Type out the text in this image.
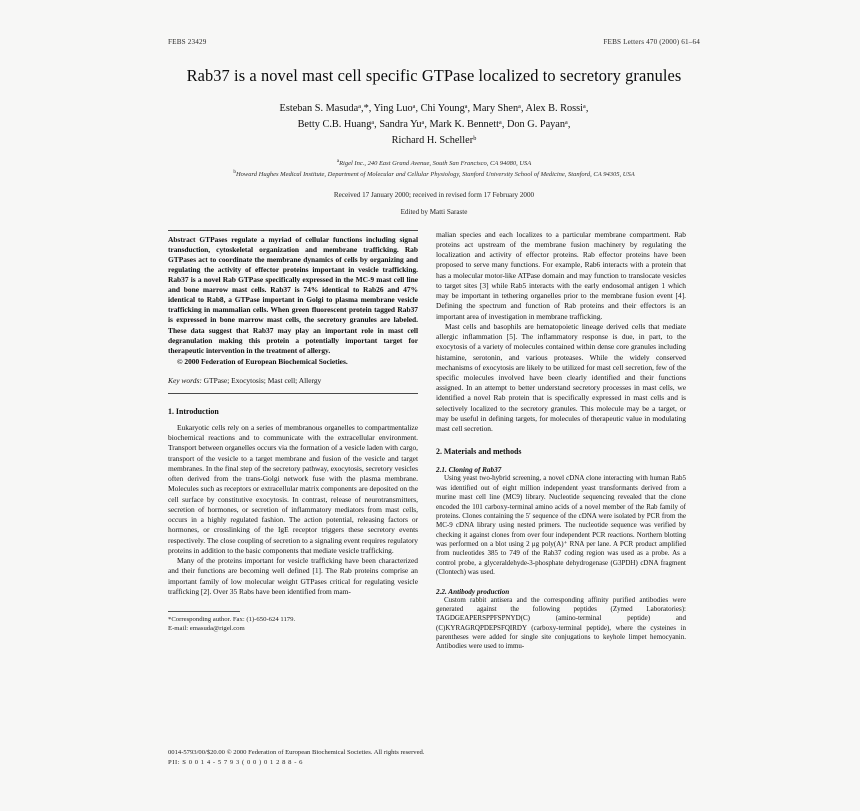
FEBS 23429	FEBS Letters 470 (2000) 61–64
Rab37 is a novel mast cell specific GTPase localized to secretory granules
Esteban S. Masudaᵃ,*, Ying Luoᵃ, Chi Youngᵃ, Mary Shenᵃ, Alex B. Rossiᵃ,
Betty C.B. Huangᵃ, Sandra Yuᵃ, Mark K. Bennettᵃ, Don G. Payanᵃ,
Richard H. Schellerᵇ
$^a$Rigel Inc., 240 East Grand Avenue, South San Francisco, CA 94080, USA
$^b$Howard Hughes Medical Institute, Department of Molecular and Cellular Physiology, Stanford University School of Medicine, Stanford, CA 94305, USA
Received 17 January 2000; received in revised form 17 February 2000
Edited by Matti Saraste
Abstract GTPases regulate a myriad of cellular functions including signal transduction, cytoskeletal organization and membrane trafficking. Rab GTPases act to coordinate the membrane dynamics of cells by organizing and regulating the activity of effector proteins important in vesicle trafficking. Rab37 is a novel Rab GTPase specifically expressed in the MC-9 mast cell line and bone marrow mast cells. Rab37 is 74% identical to Rab26 and 47% identical to Rab8, a GTPase important in Golgi to plasma membrane vesicle trafficking in mammalian cells. When green fluorescent protein tagged Rab37 is expressed in bone marrow mast cells, the secretory granules are labeled. These data suggest that Rab37 may play an important role in mast cell degranulation making this protein a potentially important target for therapeutic intervention in the treatment of allergy.
© 2000 Federation of European Biochemical Societies.
Key words: GTPase; Exocytosis; Mast cell; Allergy
1. Introduction

Eukaryotic cells rely on a series of membranous organelles to compartmentalize biochemical reactions and to communicate with the extracellular environment. Transport between organelles occurs via the formation of a vesicle laden with cargo, transport of the vesicle to a target membrane and fusion of the vesicle and target membranes. In the final step of the secretory pathway, exocytosis, secretory vesicles often derived from the trans-Golgi network fuse with the plasma membrane. Molecules such as receptors or extracellular matrix components are deposited on the cell surface by constitutive exocytosis. In contrast, release of neurotransmitters, secretion of hormones, or secretion of inflammatory mediators from mast cells, occurs in a highly regulated fashion. The action potential, releasing factors or hormones, or crosslinking of the IgE receptor triggers these secretory events respectively. The close coupling of secretion to a signaling event requires regulatory proteins in addition to the basic components that mediate vesicle trafficking.

Many of the proteins important for vesicle trafficking have been characterized and their functions are becoming well defined [1]. The Rab proteins comprise an important family of low molecular weight GTPases critical for regulating vesicle trafficking [2]. Over 35 Rabs have been identified from mam-

*Corresponding author. Fax: (1)-650-624 1179.
E-mail: emasuda@rigel.com

malian species and each localizes to a particular membrane compartment. Rab proteins act upstream of the membrane fusion machinery by regulating the localization and activity of effector proteins. Rab effector proteins have been proposed to serve many functions. For example, Rab6 interacts with a protein that has a molecular motor-like ATPase domain and may function to translocate vesicles to target sites [3] while Rab5 interacts with the early endosomal antigen 1 which may be important in tethering organelles prior to the membrane fusion event [4]. Defining the spectrum and function of Rab proteins and their effectors is an important area of investigation in membrane trafficking.

Mast cells and basophils are hematopoietic lineage derived cells that mediate allergic inflammation [5]. The inflammatory response is due, in part, to the exocytosis of a variety of molecules contained within dense core granules including histamine, serotonin, and various proteases. While the widely conserved mechanisms of exocytosis are likely to be utilized for mast cell secretion, few of the specific molecules involved have been clearly identified and their functions assigned. In an attempt to better understand secretory processes in mast cells, we identified a novel Rab protein that is specifically expressed in mast cells and is selectively localized to the secretory granules. This molecule may be a target, or may be useful in defining targets, for molecules of therapeutic value in modulating mast cell secretion.

2. Materials and methods
2.1. Cloning of Rab37

Using yeast two-hybrid screening, a novel cDNA clone interacting with human Rab5 was identified out of eight million independent yeast transformants derived from a murine mast cell line (MC9) library. Nucleotide sequencing revealed that the clone encoded the 101 carboxy-terminal amino acids of a novel member of the Rab family of proteins. Clones containing the 5′ sequence of the cDNA were isolated by PCR from the MC-9 cDNA library using nested primers. The nucleotide sequence was verified by checking it against clones from over four independent PCR reactions. Northern blotting was performed on a blot using 2 μg poly(A)⁺ RNA per lane. A PCR product amplified from nucleotides 385 to 749 of the Rab37 coding region was used as a probe. As a control probe, a glyceraldehyde-3-phosphate dehydrogenase (G3PDH) cDNA fragment (Clontech) was used.

2.2. Antibody production

Custom rabbit antisera and the corresponding affinity purified antibodies were generated against the following peptides (Zymed Laboratories): TAGDGEAPERSPPFSPNYD(C) (amino-terminal peptide) and (C)KYRAGRQPDEPSFQIRDY (carboxy-terminal peptide), where the cysteines in parentheses were added for single site conjugations to keyhole limpet hemocyanin. Antibodies were used to immu-

0014-5793/00/$20.00 © 2000 Federation of European Biochemical Societies. All rights reserved.
PII: S 0 0 1 4 - 5 7 9 3 ( 0 0 ) 0 1 2 8 8 - 6
